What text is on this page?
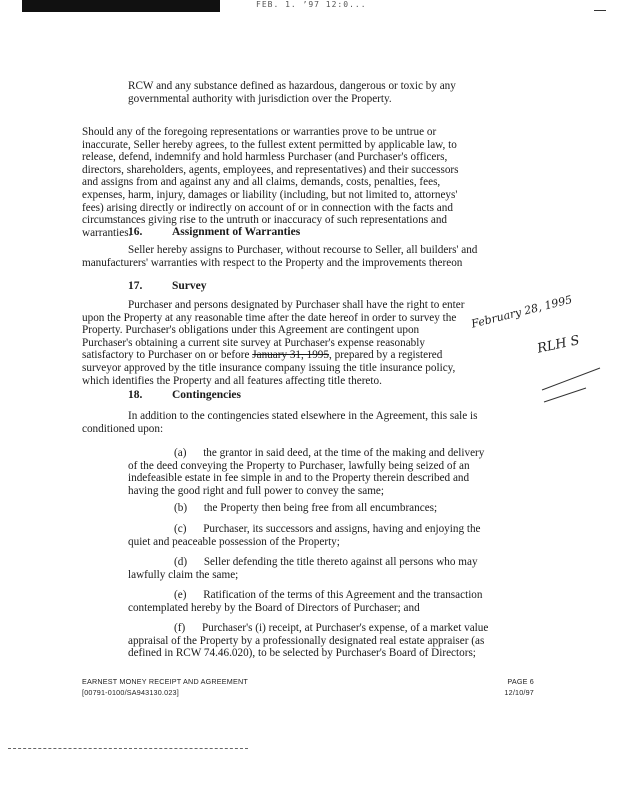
FEB. 1. ’97 12:0...

RCW and any substance defined as hazardous, dangerous or toxic by any
governmental authority with jurisdiction over the Property.

Should any of the foregoing representations or warranties prove to be untrue or
inaccurate, Seller hereby agrees, to the fullest extent permitted by applicable law, to
release, defend, indemnify and hold harmless Purchaser (and Purchaser's officers,
directors, shareholders, agents, employees, and representatives) and their successors
and assigns from and against any and all claims, demands, costs, penalties, fees,
expenses, harm, injury, damages or liability (including, but not limited to, attorneys'
fees) arising directly or indirectly on account of or in connection with the facts and
circumstances giving rise to the untruth or inaccuracy of such representations and
warranties.

16.	Assignment of Warranties

Seller hereby assigns to Purchaser, without recourse to Seller, all builders' and
manufacturers' warranties with respect to the Property and the improvements thereon

17.	Survey

Purchaser and persons designated by Purchaser shall have the right to enter
upon the Property at any reasonable time after the date hereof in order to survey the
Property. Purchaser's obligations under this Agreement are contingent upon
Purchaser's obtaining a current site survey at Purchaser's expense reasonably
satisfactory to Purchaser on or before January 31, 1995, prepared by a registered
surveyor approved by the title insurance company issuing the title insurance policy,
which identifies the Property and all features affecting title thereto.

February 28, 1995
RLH S
18.	Contingencies

In addition to the contingencies stated elsewhere in the Agreement, this sale is
conditioned upon:

(a)      the grantor in said deed, at the time of the making and delivery
of the deed conveying the Property to Purchaser, lawfully being seized of an
indefeasible estate in fee simple in and to the Property therein described and
having the good right and full power to convey the same;

(b)      the Property then being free from all encumbrances;

(c)      Purchaser, its successors and assigns, having and enjoying the
quiet and peaceable possession of the Property;

(d)      Seller defending the title thereto against all persons who may
lawfully claim the same;

(e)      Ratification of the terms of this Agreement and the transaction
contemplated hereby by the Board of Directors of Purchaser; and

(f)      Purchaser's (i) receipt, at Purchaser's expense, of a market value
appraisal of the Property by a professionally designated real estate appraiser (as
defined in RCW 74.46.020), to be selected by Purchaser's Board of Directors;

EARNEST MONEY RECEIPT AND AGREEMENT
[00791-0100/SA943130.023]
PAGE 6
12/10/97
